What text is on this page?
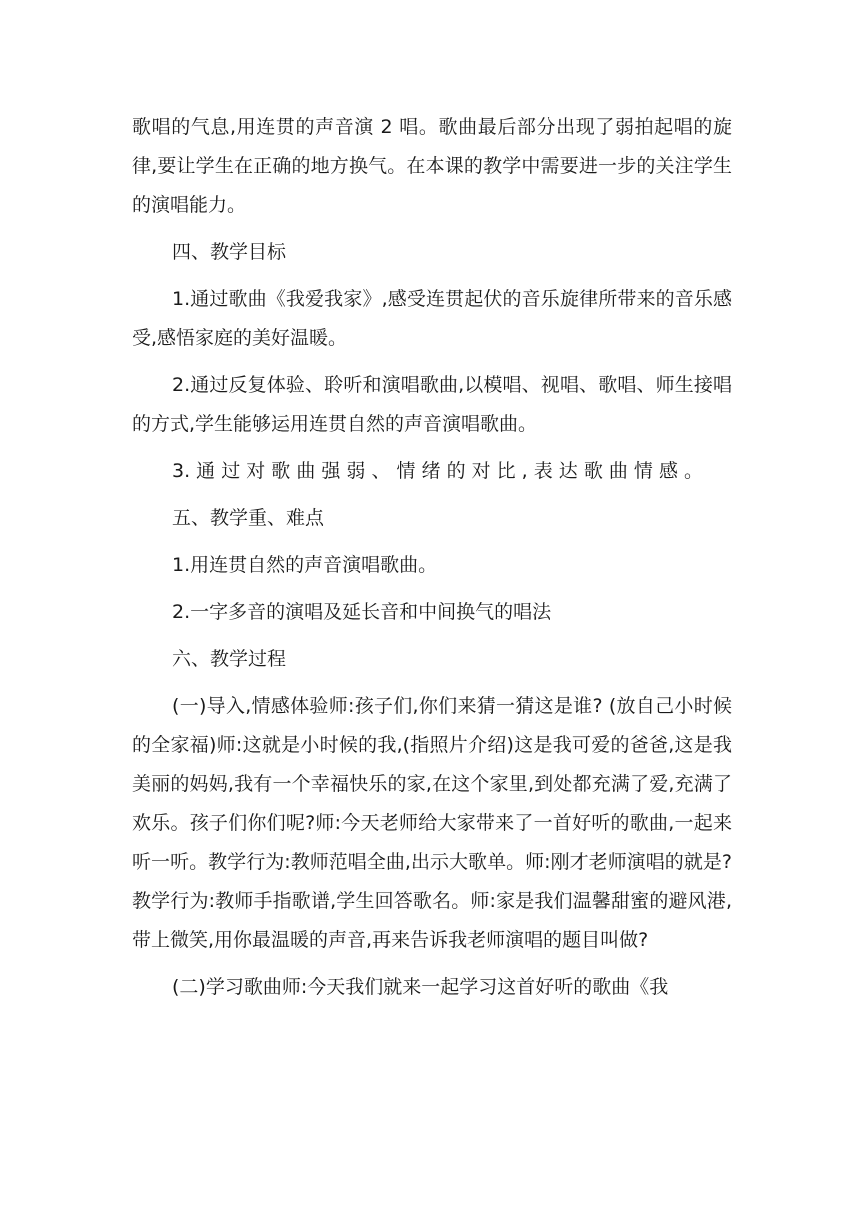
歌唱的气息,用连贯的声音演 2 唱。歌曲最后部分出现了弱拍起唱的旋律,要让学生在正确的地方换气。在本课的教学中需要进一步的关注学生的演唱能力。

四、教学目标

1.通过歌曲《我爱我家》,感受连贯起伏的音乐旋律所带来的音乐感受,感悟家庭的美好温暖。

2.通过反复体验、聆听和演唱歌曲,以模唱、视唱、歌唱、师生接唱的方式,学生能够运用连贯自然的声音演唱歌曲。

3. 通 过 对 歌 曲 强 弱 、 情 绪 的 对 比 , 表 达 歌 曲 情 感 。

五、教学重、难点

1.用连贯自然的声音演唱歌曲。

2.一字多音的演唱及延长音和中间换气的唱法

六、教学过程

(一)导入,情感体验师:孩子们,你们来猜一猜这是谁? (放自己小时候的全家福)师:这就是小时候的我,(指照片介绍)这是我可爱的爸爸,这是我美丽的妈妈,我有一个幸福快乐的家,在这个家里,到处都充满了爱,充满了欢乐。孩子们你们呢?师:今天老师给大家带来了一首好听的歌曲,一起来听一听。教学行为:教师范唱全曲,出示大歌单。师:刚才老师演唱的就是?教学行为:教师手指歌谱,学生回答歌名。师:家是我们温馨甜蜜的避风港,带上微笑,用你最温暖的声音,再来告诉我老师演唱的题目叫做?

(二)学习歌曲师:今天我们就来一起学习这首好听的歌曲《我
